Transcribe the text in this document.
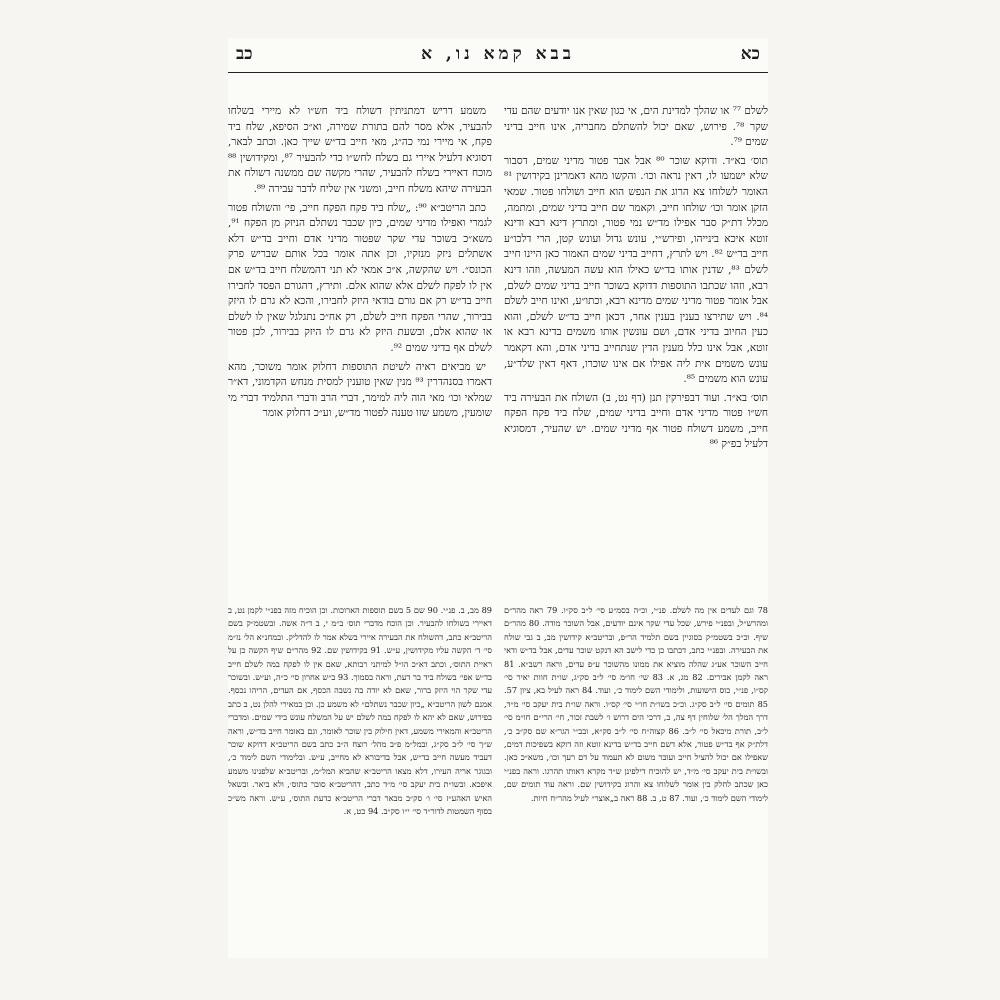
כא
בבא קמא נו, א
כב

לשלם ⁷⁷ או שהלך למדינת הים, אי כגון שאין אנו יודעים שהם עדי שקר ⁷⁸. פירוש, שאם יכול להשתלם מחבריה, אינו חייב בדיני שמים ⁷⁹.

תוס׳ בא״ד. ודוקא שוכר ⁸⁰ אבל אבר פטור מדיני שמים, דסבור שלא ישמעו לו, דאין נראה וכו׳. והקשו מהא דאמרינן בקידושין ⁸¹ האומר לשלוחו צא הרוג את הנפש הוא חייב ושולחו פטור. שמאי הזקן אומר וכו׳ שולחו חייב, וקאמר שם חייב בדיני שמים, ומתמה, מכלל דת״ק סבר אפילו מד״ש נמי פטור, ומתרץ דינא רבא ודינא זוטא איכא בינייהו, ופירש״י, עונש גדול ועונש קטן, הרי דלכו״ע חייב בד״ש ⁸². ויש לתרץ, דחייב בדיני שמים האמור כאן היינו חייב לשלם ⁸³, שדנין אותו בד״ש כאילו הוא עשה המעשה, וזהו דינא רבא, וזהו שכתבו התוספות דדוקא בשוכר חייב בדיני שמים לשלם, אבל אומר פטור מדיני שמים מדינא רבא, וכתו״ע, ואינו חייב לשלם ⁸⁴. ויש שתירצו בענין בענין אחר, דכאן חייב בד״ש לשלם, והוא כעין החיוב בדיני אדם, ושם עונשין אותו משמים בדינא רבא או זוטא, אבל אינו כלל מענין הדין שנתחייב בדיני אדם, והא דקאמר עונש משמים אית ליה אפילו אם אינו שוכרו, דאף דאין שלד״ע, עונש הוא משמים ⁸⁵.

תוס׳ בא״ד. ועוד דבפירקין תנן (דף נט, ב) השולח את הבעירה ביד חש״ו פטור מדיני אדם וחייב בדיני שמים, שלח ביד פקח הפקח חייב, משמע דשולח פטור אף מדיני שמים. יש שהעיר, דמסוגיא דלעיל בפ״ק ⁸⁶

משמע דריש דמתניתין דשולח ביד חש״ו לא מיירי בשלחו להבעיר, אלא מסר להם בתורת שמירה, וא״כ הסיפא, שלח ביד פקח, אי מיירי נמי כה״ג, מאי חייב בד״ש שייך כאן. וכתב לבאר, דסוגיא דלעיל איירי גם בשלח לחש״ו כדי להבעיר ⁸⁷, ומקידושין ⁸⁸ מוכח דאיירי בשלח להבעיר, שהרי מקשה שם ממשנה דשולח את הבעירה שיהא משלח חייב, ומשני אין שליח לדבר עבירה ⁸⁹.

כתב הריטב״א ⁹⁰: „שלח ביד פקח הפקח חייב, פי׳ והשולח פטור לגמרי ואפילו מדיני שמים, כיון שכבר נשתלם הניזק מן הפקח ⁹¹, משא״כ בשוכר עדי שקר שפטור מדיני אדם וחייב בד״ש דלא אשתלים ניזק מנזקיו, וכן אתה אומר בכל אותם שבריש פרק הכונס״. ויש שהקשה, א״כ אמאי לא תני דהמשלח חייב בד״ש אם אין לו לפקח לשלם אלא שהוא אלם. ותירץ, דהגורם הפסד לחבירו חייב בד״ש רק אם גורם בודאי היזק לחבירו, והכא לא גרם לו היזק בבירור, שהרי הפקח חייב לשלם, רק אח״כ נתגלגל שאין לו לשלם או שהוא אלם, ובשעת היזק לא גרם לו היזק בבירור, לכן פטור לשלם אף בדיני שמים ⁹².

יש מביאים ראיה לשיטת התוספות דחלוק אומר משוכר, מהא דאמרו בסנהדרין ⁹³ מנין שאין טוענין למסית מנחש הקדמוני, דא״ר שמלאי וכו׳ מאי הוה ליה למימר, דברי הרב ודברי התלמיד דברי מי שומעין, משמע שזו טענה לפטור מד״ש, וע״כ דחלוק אומר

78 וגם לעדים אין מה לשלם. פנ״י, וכ״ה בסמ״ע סי׳ ל״ב סק״ו. 79 ראה מהר״ם ומהרש״ל, ובפנ״י פירש, שכל עדי שקר אינם יודעים, אבל השוכר מודה. 80 מהר״ם שיף. וכ״כ בשטמ״ק בסוגיין בשם תלמיד הר״פ, ובריטב״א קידושין מב, ב גבי שולח את הבעירה. ובפנ״י כתב, דכתבו כן כדי לישב הא דנקט שוכר עדים, אבל בד״ש ודאי חייב השוכר אע״ג שהלה מוציא את ממונו מהשוכר ע״פ עדים, וראה רשב״א. 81 ראה לקמן אבירים. 82 מג, א. 83 שי׳ חו״מ סי׳ ל״ב סק״ג, שו״ת חוות יאיר סי׳ קס״ו, פנ״י, כוס הישועות, ולימודי השם לימוד כ׳, ועוד. 84 ראה לעיל בא, ציון 57. 85 תומים סי׳ ל״ב סק״ג. וכ״כ בשו״ת חו״י סי׳ קס״ו. וראה שו״ת בית יעקב סי׳ מ״ד, דרך המלך הל׳ שלוחין דף צה, ב, דרכי הים דרוש ו׳ לשבת זכור, חי׳ הרי״ם חו״מ סי׳ ל״ב, תורת מיכאל סי׳ ל״ב. 86 קצוה״ח סי׳ ל״ב סק״א, ובב״י הגר״א שם סק״ב כ׳, דלת״ק אף בד״ש פטור, אלא דשם חייב בד״ש בדינא זוטא וזה דוקא בשפיכות דמים, שאפילו אם יכול להציל חייב ועובר משום לא תעמוד על דם רעך וכו׳, משא״כ כאן. ובשו״ת בית יעקב סי׳ מ״ד, יש להוכיח דילפינן ש״ד מקרא דאותו תהרגו. וראה בפנ״י כאן שכתב לחלק בין אומר לשלוחו צא והרוג בקידושין שם. וראה עוד תומים שם, לימודי השם לימוד כ׳, ועוד. 87 ט, ב. 88 ראה ב„אוצר״ לעיל מהר״ח חיות.

89 מב, ב. פנ״י. 90 שם 5 בשם תוספות הארוכות. וכן הוכיח מזה בפנ״י לקמן נט, ב דאיירי בשולחו להבעיר. וכן הוכח מדברי תוס׳ ב״מ י, ב ד״ה אשה. ובשטמ״ק בשם הריטב״א כתב, דהשולח את הבעירה איירי בשלא אמר לו להדליק. ובמחנ״א הל׳ נז״מ סי׳ ד׳ הקשה עליו מקידושין, ע״ש. 91 בקידושין שם. 92 מהר״ם שיף הקשה כן על ראיית התוס׳, וכתב דא״כ הו״ל למיתני רבותא, שאם אין לו לפקח במה לשלם חייב בד״ש אפי׳ בשולח ביד בר דעת, וראה בסמוך. 93 ב״ש אחרון סי׳ כ״ה, וע״ש. ובשוכר עדי שקר הוי היזק ברור, שאם לא יודה בה נשבה הכסף, אם העדים, הריהו נכסף. אמנם לשון הריטב״א „כיון שכבר נשתלם״ לא משמע כן. וכן במאירי להלן נט, ב כתב בפירוש, שאם לא יהא לו לפקח במה לשלם יש על המשלח עונש בידי שמים. ומדברי הריטב״א והמאירי משמע, דאין חילוק בין שוכר לאומר, וגם באומר חייב בד״ש, וראה ש״ך סי׳ ל״ב סק״ג, ובמל״מ פ״ב מהל׳ רוצח ה״ב כתב בשם הריטב״א דדוקא שוכר דעביד מעשה חייב בד״ש, אבל בדיבורא לא מחייב, ע״ש. ובלימודי השם לימוד כ׳, ובגוגר אריה העירו, דלא מצאו הריטב״א שהביא המל״מ, ובריטב״א שלפנינו משמע איפכא. ובשו״ת בית יעקב סי׳ מ״ד כתב, דהריטב״א סובר כתוס׳, ולא ביאר. ובשאל האיש האהע״ז סי׳ ו׳ סק״ב מבאר דברי הריטב״א כדעת התוס׳, ע״ש. וראה מש״כ בסוף השמטות לדור״ד סי׳ י״ו סק״ב. 94 כט, א.
